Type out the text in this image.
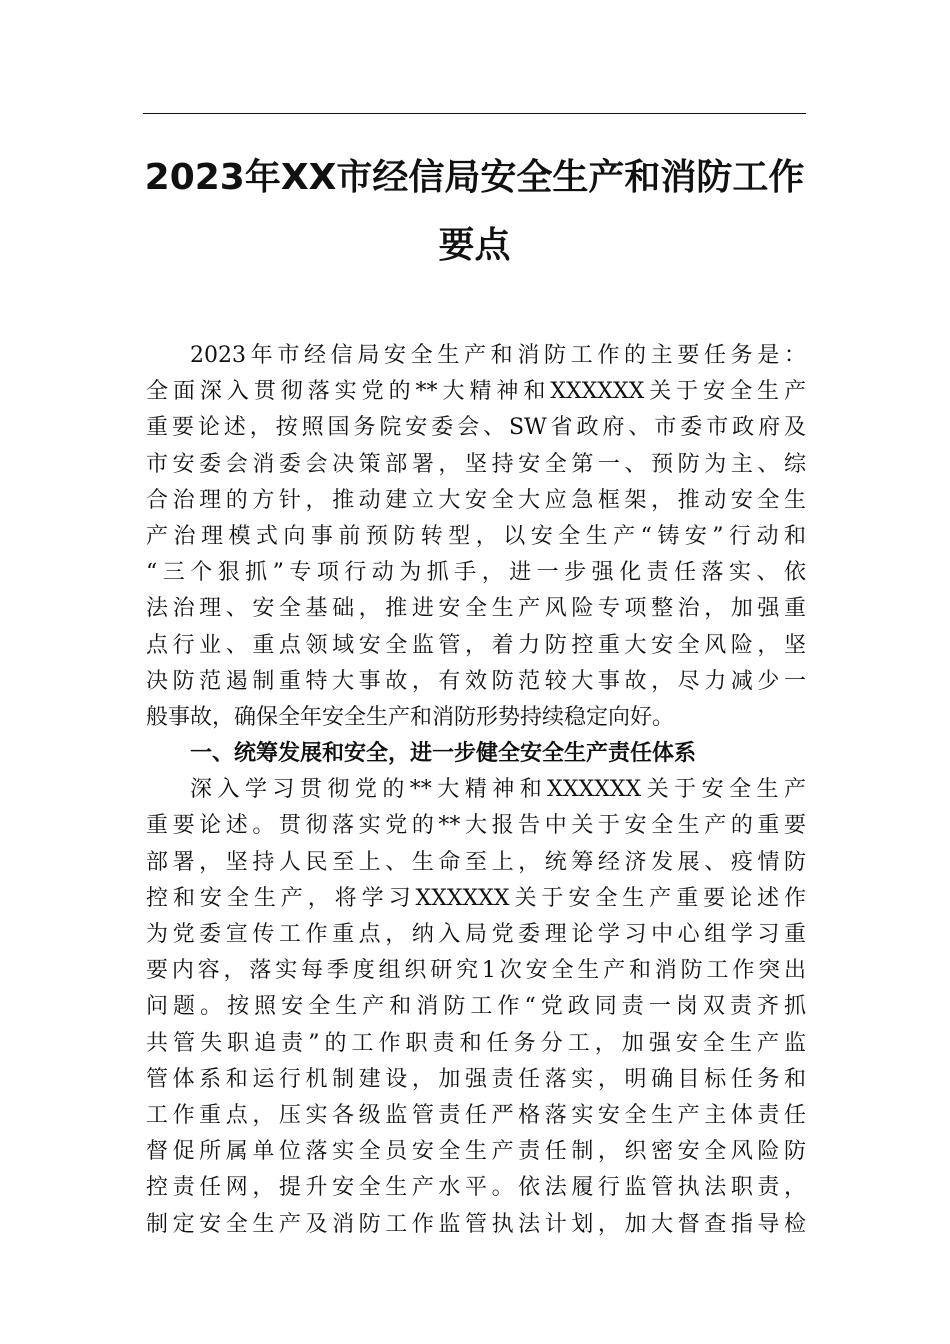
2023年XX市经信局安全生产和消防工作
要点
2023年市经信局安全生产和消防工作的主要任务是：
全面深入贯彻落实党的**大精神和XXXXXX关于安全生产
重要论述，按照国务院安委会、SW省政府、市委市政府及
市安委会消委会决策部署，坚持安全第一、预防为主、综
合治理的方针，推动建立大安全大应急框架，推动安全生
产治理模式向事前预防转型，以安全生产“铸安”行动和
“三个狠抓”专项行动为抓手，进一步强化责任落实、依
法治理、安全基础，推进安全生产风险专项整治，加强重
点行业、重点领域安全监管，着力防控重大安全风险，坚
决防范遏制重特大事故，有效防范较大事故，尽力减少一
般事故，确保全年安全生产和消防形势持续稳定向好。
一、统筹发展和安全，进一步健全安全生产责任体系
深入学习贯彻党的**大精神和XXXXXX关于安全生产
重要论述。贯彻落实党的**大报告中关于安全生产的重要
部署，坚持人民至上、生命至上，统筹经济发展、疫情防
控和安全生产，将学习XXXXXX关于安全生产重要论述作
为党委宣传工作重点，纳入局党委理论学习中心组学习重
要内容，落实每季度组织研究1次安全生产和消防工作突出
问题。按照安全生产和消防工作“党政同责一岗双责齐抓
共管失职追责”的工作职责和任务分工，加强安全生产监
管体系和运行机制建设，加强责任落实，明确目标任务和
工作重点，压实各级监管责任严格落实安全生产主体责任
督促所属单位落实全员安全生产责任制，织密安全风险防
控责任网，提升安全生产水平。依法履行监管执法职责，
制定安全生产及消防工作监管执法计划，加大督查指导检
